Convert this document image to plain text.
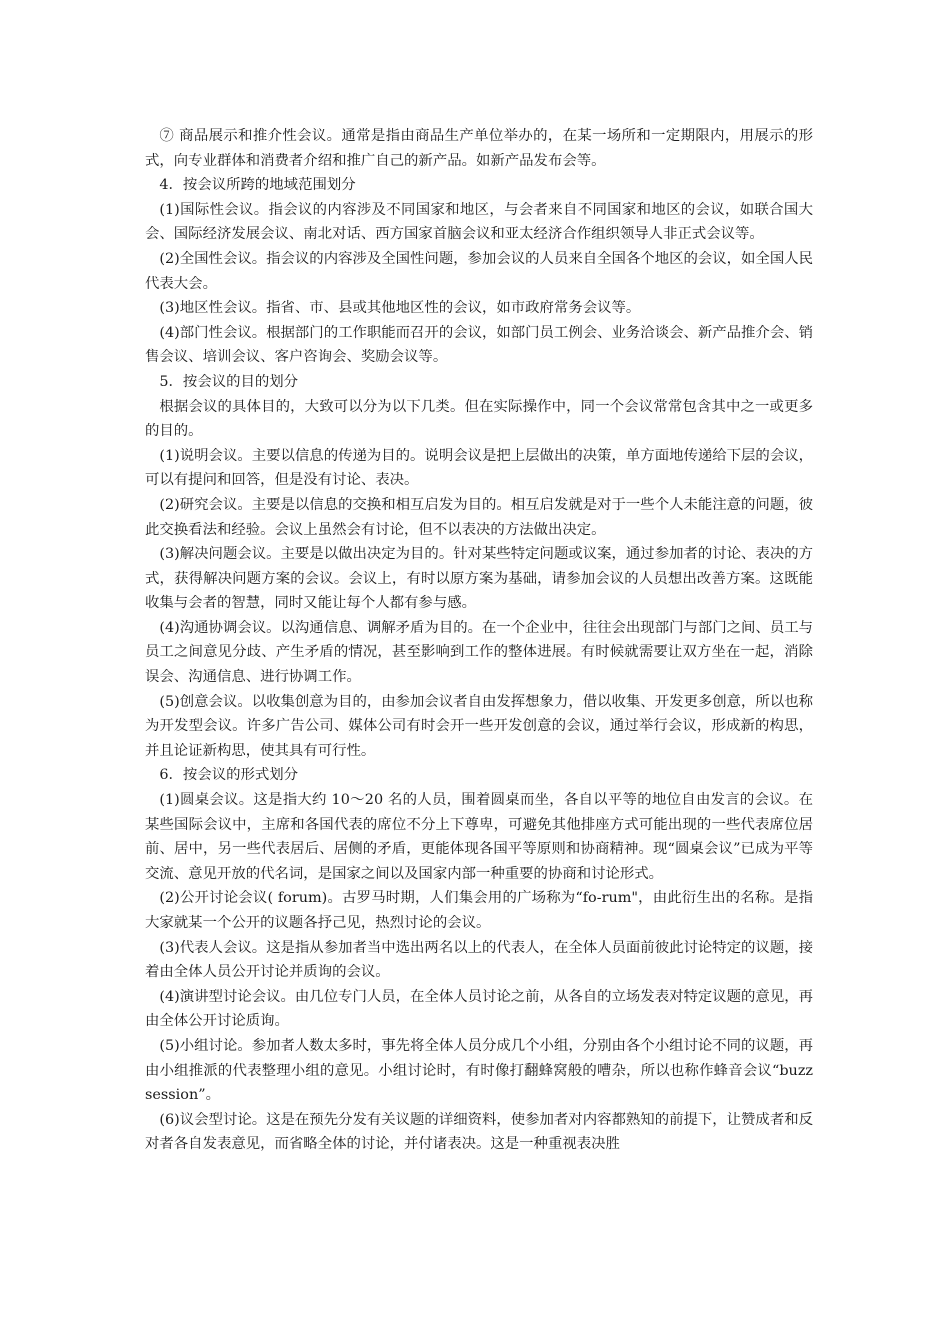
⑦ 商品展示和推介性会议。通常是指由商品生产单位举办的，在某一场所和一定期限内，用展示的形式，向专业群体和消费者介绍和推广自己的新产品。如新产品发布会等。

4．按会议所跨的地域范围划分

(1)国际性会议。指会议的内容涉及不同国家和地区，与会者来自不同国家和地区的会议，如联合国大会、国际经济发展会议、南北对话、西方国家首脑会议和亚太经济合作组织领导人非正式会议等。

(2)全国性会议。指会议的内容涉及全国性问题，参加会议的人员来自全国各个地区的会议，如全国人民代表大会。

(3)地区性会议。指省、市、县或其他地区性的会议，如市政府常务会议等。

(4)部门性会议。根据部门的工作职能而召开的会议，如部门员工例会、业务洽谈会、新产品推介会、销售会议、培训会议、客户咨询会、奖励会议等。

5．按会议的目的划分

根据会议的具体目的，大致可以分为以下几类。但在实际操作中，同一个会议常常包含其中之一或更多的目的。

(1)说明会议。主要以信息的传递为目的。说明会议是把上层做出的决策，单方面地传递给下层的会议，可以有提问和回答，但是没有讨论、表决。

(2)研究会议。主要是以信息的交换和相互启发为目的。相互启发就是对于一些个人未能注意的问题，彼此交换看法和经验。会议上虽然会有讨论，但不以表决的方法做出决定。

(3)解决问题会议。主要是以做出决定为目的。针对某些特定问题或议案，通过参加者的讨论、表决的方式，获得解决问题方案的会议。会议上，有时以原方案为基础，请参加会议的人员想出改善方案。这既能收集与会者的智慧，同时又能让每个人都有参与感。

(4)沟通协调会议。以沟通信息、调解矛盾为目的。在一个企业中，往往会出现部门与部门之间、员工与员工之间意见分歧、产生矛盾的情况，甚至影响到工作的整体进展。有时候就需要让双方坐在一起，消除误会、沟通信息、进行协调工作。

(5)创意会议。以收集创意为目的，由参加会议者自由发挥想象力，借以收集、开发更多创意，所以也称为开发型会议。许多广告公司、媒体公司有时会开一些开发创意的会议，通过举行会议，形成新的构思，并且论证新构思，使其具有可行性。

6．按会议的形式划分

(1)圆桌会议。这是指大约 10～20 名的人员，围着圆桌而坐，各自以平等的地位自由发言的会议。在某些国际会议中，主席和各国代表的席位不分上下尊卑，可避免其他排座方式可能出现的一些代表席位居前、居中，另一些代表居后、居侧的矛盾，更能体现各国平等原则和协商精神。现“圆桌会议”已成为平等交流、意见开放的代名词，是国家之间以及国家内部一种重要的协商和讨论形式。

(2)公开讨论会议( forum)。古罗马时期，人们集会用的广场称为“fo-rum"，由此衍生出的名称。是指大家就某一个公开的议题各抒己见，热烈讨论的会议。

(3)代表人会议。这是指从参加者当中选出两名以上的代表人，在全体人员面前彼此讨论特定的议题，接着由全体人员公开讨论并质询的会议。

(4)演讲型讨论会议。由几位专门人员，在全体人员讨论之前，从各自的立场发表对特定议题的意见，再由全体公开讨论质询。

(5)小组讨论。参加者人数太多时，事先将全体人员分成几个小组，分别由各个小组讨论不同的议题，再由小组推派的代表整理小组的意见。小组讨论时，有时像打翻蜂窝般的嘈杂，所以也称作蜂音会议“buzz session”。

(6)议会型讨论。这是在预先分发有关议题的详细资料，使参加者对内容都熟知的前提下，让赞成者和反对者各自发表意见，而省略全体的讨论，并付诸表决。这是一种重视表决胜
